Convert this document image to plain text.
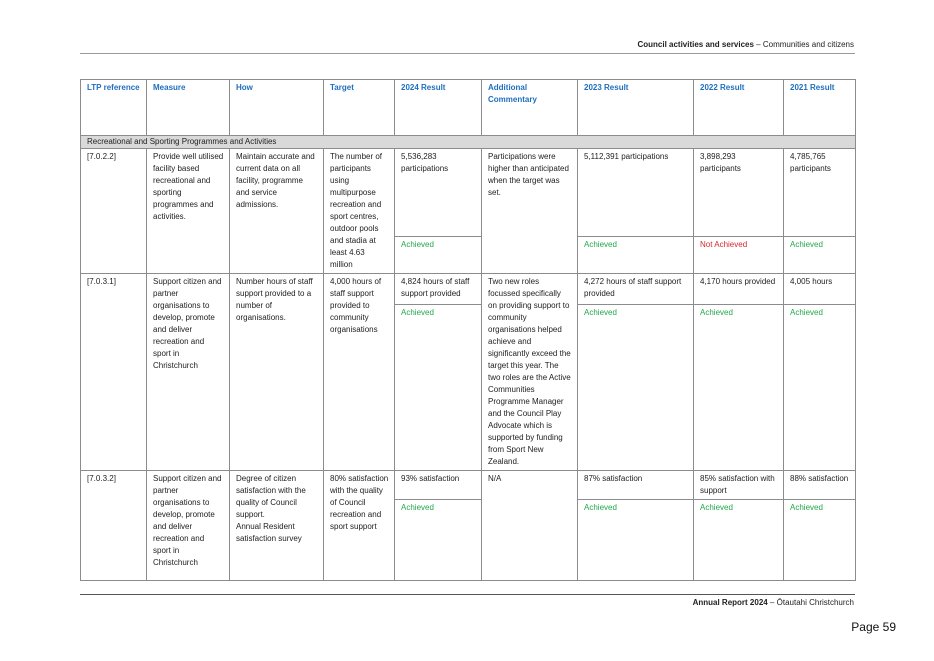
Council activities and services – Communities and citizens
LTP reference	Measure	How	Target	2024 Result	Additional Commentary	2023 Result	2022 Result	2021 Result
Recreational and Sporting Programmes and Activities								
[7.0.2.2]	Provide well utilised facility based recreational and sporting programmes and activities.	Maintain accurate and current data on all facility, programme and service admissions.	The number of participants using multipurpose recreation and sport centres, outdoor pools and stadia at least 4.63 million	5,536,283 participations	Participations were higher than anticipated when the target was set.	5,112,391 participations	3,898,293 participants	4,785,765 participants
				Achieved		Achieved	Not Achieved	Achieved
[7.0.3.1]	Support citizen and partner organisations to develop, promote and deliver recreation and sport in Christchurch	Number hours of staff support provided to a number of organisations.	4,000 hours of staff support provided to community organisations	4,824 hours of staff support provided	Two new roles focussed specifically on providing support to community organisations helped achieve and significantly exceed the target this year. The two roles are the Active Communities Programme Manager and the Council Play Advocate which is supported by funding from Sport New Zealand.	4,272 hours of staff support provided	4,170 hours provided	4,005 hours
				Achieved		Achieved	Achieved	Achieved
[7.0.3.2]	Support citizen and partner organisations to develop, promote and deliver recreation and sport in Christchurch	Degree of citizen satisfaction with the quality of Council support.
Annual Resident satisfaction survey	80% satisfaction with the quality of Council recreation and sport support	93% satisfaction	N/A	87% satisfaction	85% satisfaction with support	88% satisfaction
				Achieved		Achieved	Achieved	Achieved
Annual Report 2024 – Ōtautahi Christchurch
Page 59
